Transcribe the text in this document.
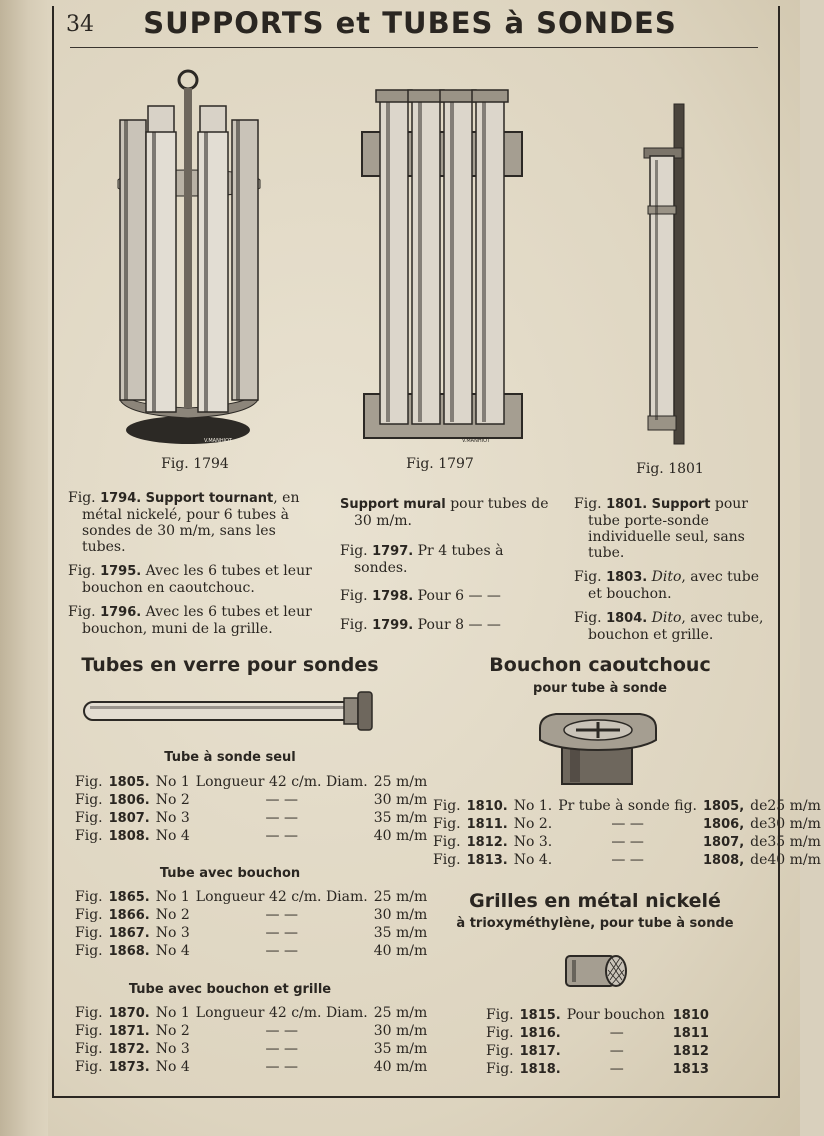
34	SUPPORTS et TUBES à SONDES
V.MANHIOT
Fig. 1794
V.MANHIOT
Fig. 1797	Fig. 1801

Fig. 1794. Support tournant, en métal nickelé, pour 6 tubes à sondes de 30 m/m, sans les tubes.

Fig. 1795. Avec les 6 tubes et leur bouchon en caoutchouc.

Fig. 1796. Avec les 6 tubes et leur bouchon, muni de la grille.

Support mural pour tubes de 30 m/m.

Fig. 1797. Pr 4 tubes à sondes.

Fig. 1798. Pour 6 — —

Fig. 1799. Pour 8 — —

Fig. 1801. Support pour tube porte-sonde individuelle seul, sans tube.

Fig. 1803. Dito, avec tube et bouchon.

Fig. 1804. Dito, avec tube, bouchon et grille.

Tubes en verre pour sondes
Tube à sonde seul
Fig.	1805.	No 1	Longueur 42 c/m. Diam.	25 m/m
Fig.	1806.	No 2	— —	30 m/m
Fig.	1807.	No 3	— —	35 m/m
Fig.	1808.	No 4	— —	40 m/m
Tube avec bouchon
Fig.	1865.	No 1	Longueur 42 c/m. Diam.	25 m/m
Fig.	1866.	No 2	— —	30 m/m
Fig.	1867.	No 3	— —	35 m/m
Fig.	1868.	No 4	— —	40 m/m
Tube avec bouchon et grille
Fig.	1870.	No 1	Longueur 42 c/m. Diam.	25 m/m
Fig.	1871.	No 2	— —	30 m/m
Fig.	1872.	No 3	— —	35 m/m
Fig.	1873.	No 4	— —	40 m/m
Bouchon caoutchouc
pour tube à sonde
Fig.	1810.	No 1.	Pr tube à sonde fig.	1805,	de25 m/m
Fig.	1811.	No 2.	— —	1806,	de30 m/m
Fig.	1812.	No 3.	— —	1807,	de35 m/m
Fig.	1813.	No 4.	— —	1808,	de40 m/m
Grilles en métal nickelé
à trioxyméthylène, pour tube à sonde
Fig.	1815.	Pour bouchon	1810
Fig.	1816.	—	1811
Fig.	1817.	—	1812
Fig.	1818.	—	1813
